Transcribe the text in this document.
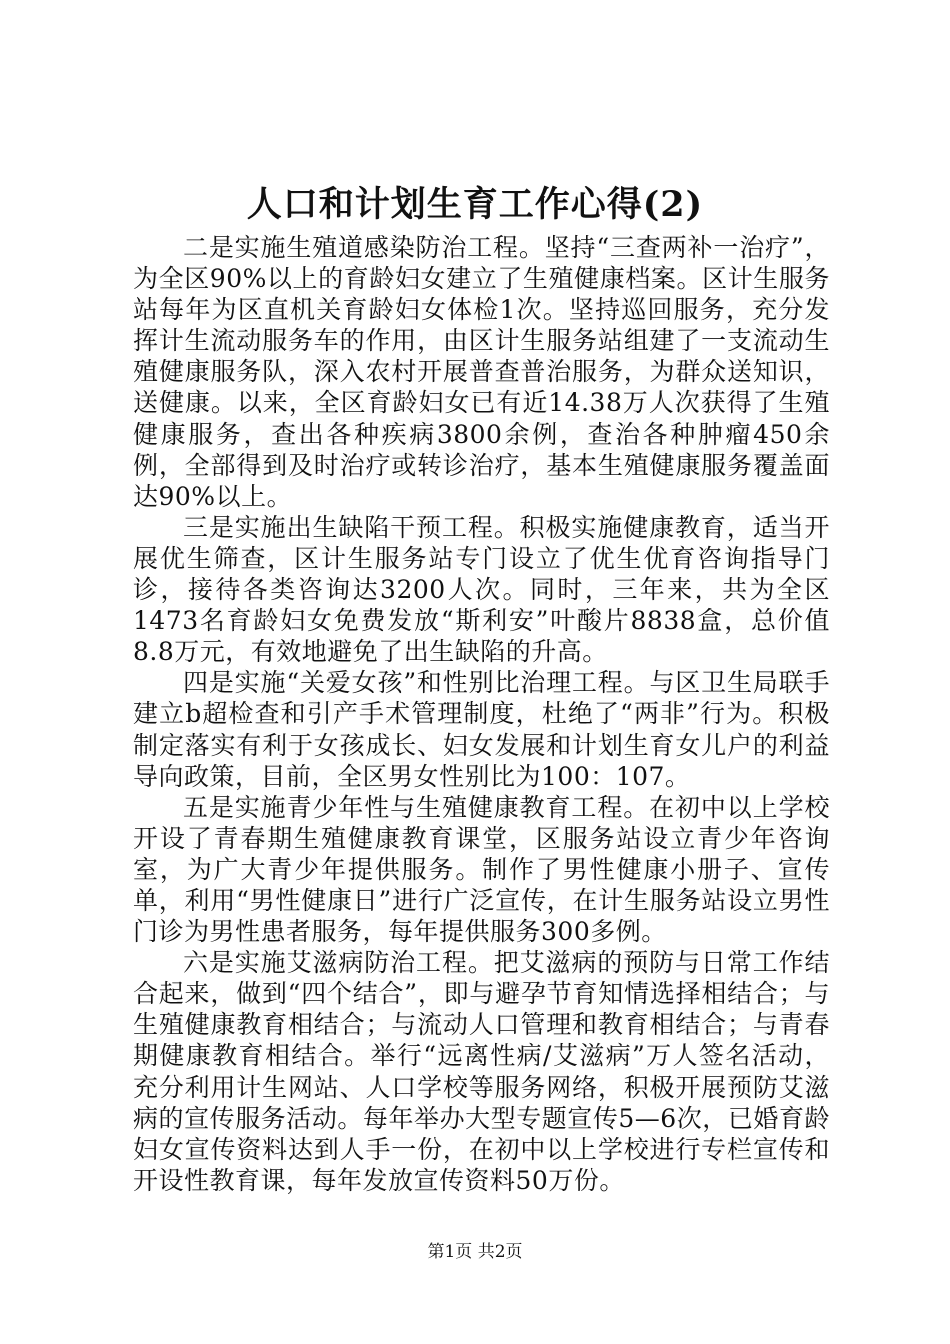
人口和计划生育工作心得(2)

二是实施生殖道感染防治工程。坚持“三查两补一治疗”，为全区90%以上的育龄妇女建立了生殖健康档案。区计生服务站每年为区直机关育龄妇女体检1次。坚持巡回服务，充分发挥计生流动服务车的作用，由区计生服务站组建了一支流动生殖健康服务队，深入农村开展普查普治服务，为群众送知识，送健康。以来，全区育龄妇女已有近14.38万人次获得了生殖健康服务，查出各种疾病3800余例，查治各种肿瘤450余例，全部得到及时治疗或转诊治疗，基本生殖健康服务覆盖面达90%以上。

三是实施出生缺陷干预工程。积极实施健康教育，适当开展优生筛查，区计生服务站专门设立了优生优育咨询指导门诊，接待各类咨询达3200人次。同时，三年来，共为全区1473名育龄妇女免费发放“斯利安”叶酸片8838盒，总价值8.8万元，有效地避免了出生缺陷的升高。

四是实施“关爱女孩”和性别比治理工程。与区卫生局联手建立b超检查和引产手术管理制度，杜绝了“两非”行为。积极制定落实有利于女孩成长、妇女发展和计划生育女儿户的利益导向政策，目前，全区男女性别比为100：107。

五是实施青少年性与生殖健康教育工程。在初中以上学校开设了青春期生殖健康教育课堂，区服务站设立青少年咨询室，为广大青少年提供服务。制作了男性健康小册子、宣传单，利用“男性健康日”进行广泛宣传，在计生服务站设立男性门诊为男性患者服务，每年提供服务300多例。

六是实施艾滋病防治工程。把艾滋病的预防与日常工作结合起来，做到“四个结合”，即与避孕节育知情选择相结合；与生殖健康教育相结合；与流动人口管理和教育相结合；与青春期健康教育相结合。举行“远离性病/艾滋病”万人签名活动，充分利用计生网站、人口学校等服务网络，积极开展预防艾滋病的宣传服务活动。每年举办大型专题宣传5—6次，已婚育龄妇女宣传资料达到人手一份，在初中以上学校进行专栏宣传和开设性教育课，每年发放宣传资料50万份。

第1页 共2页
